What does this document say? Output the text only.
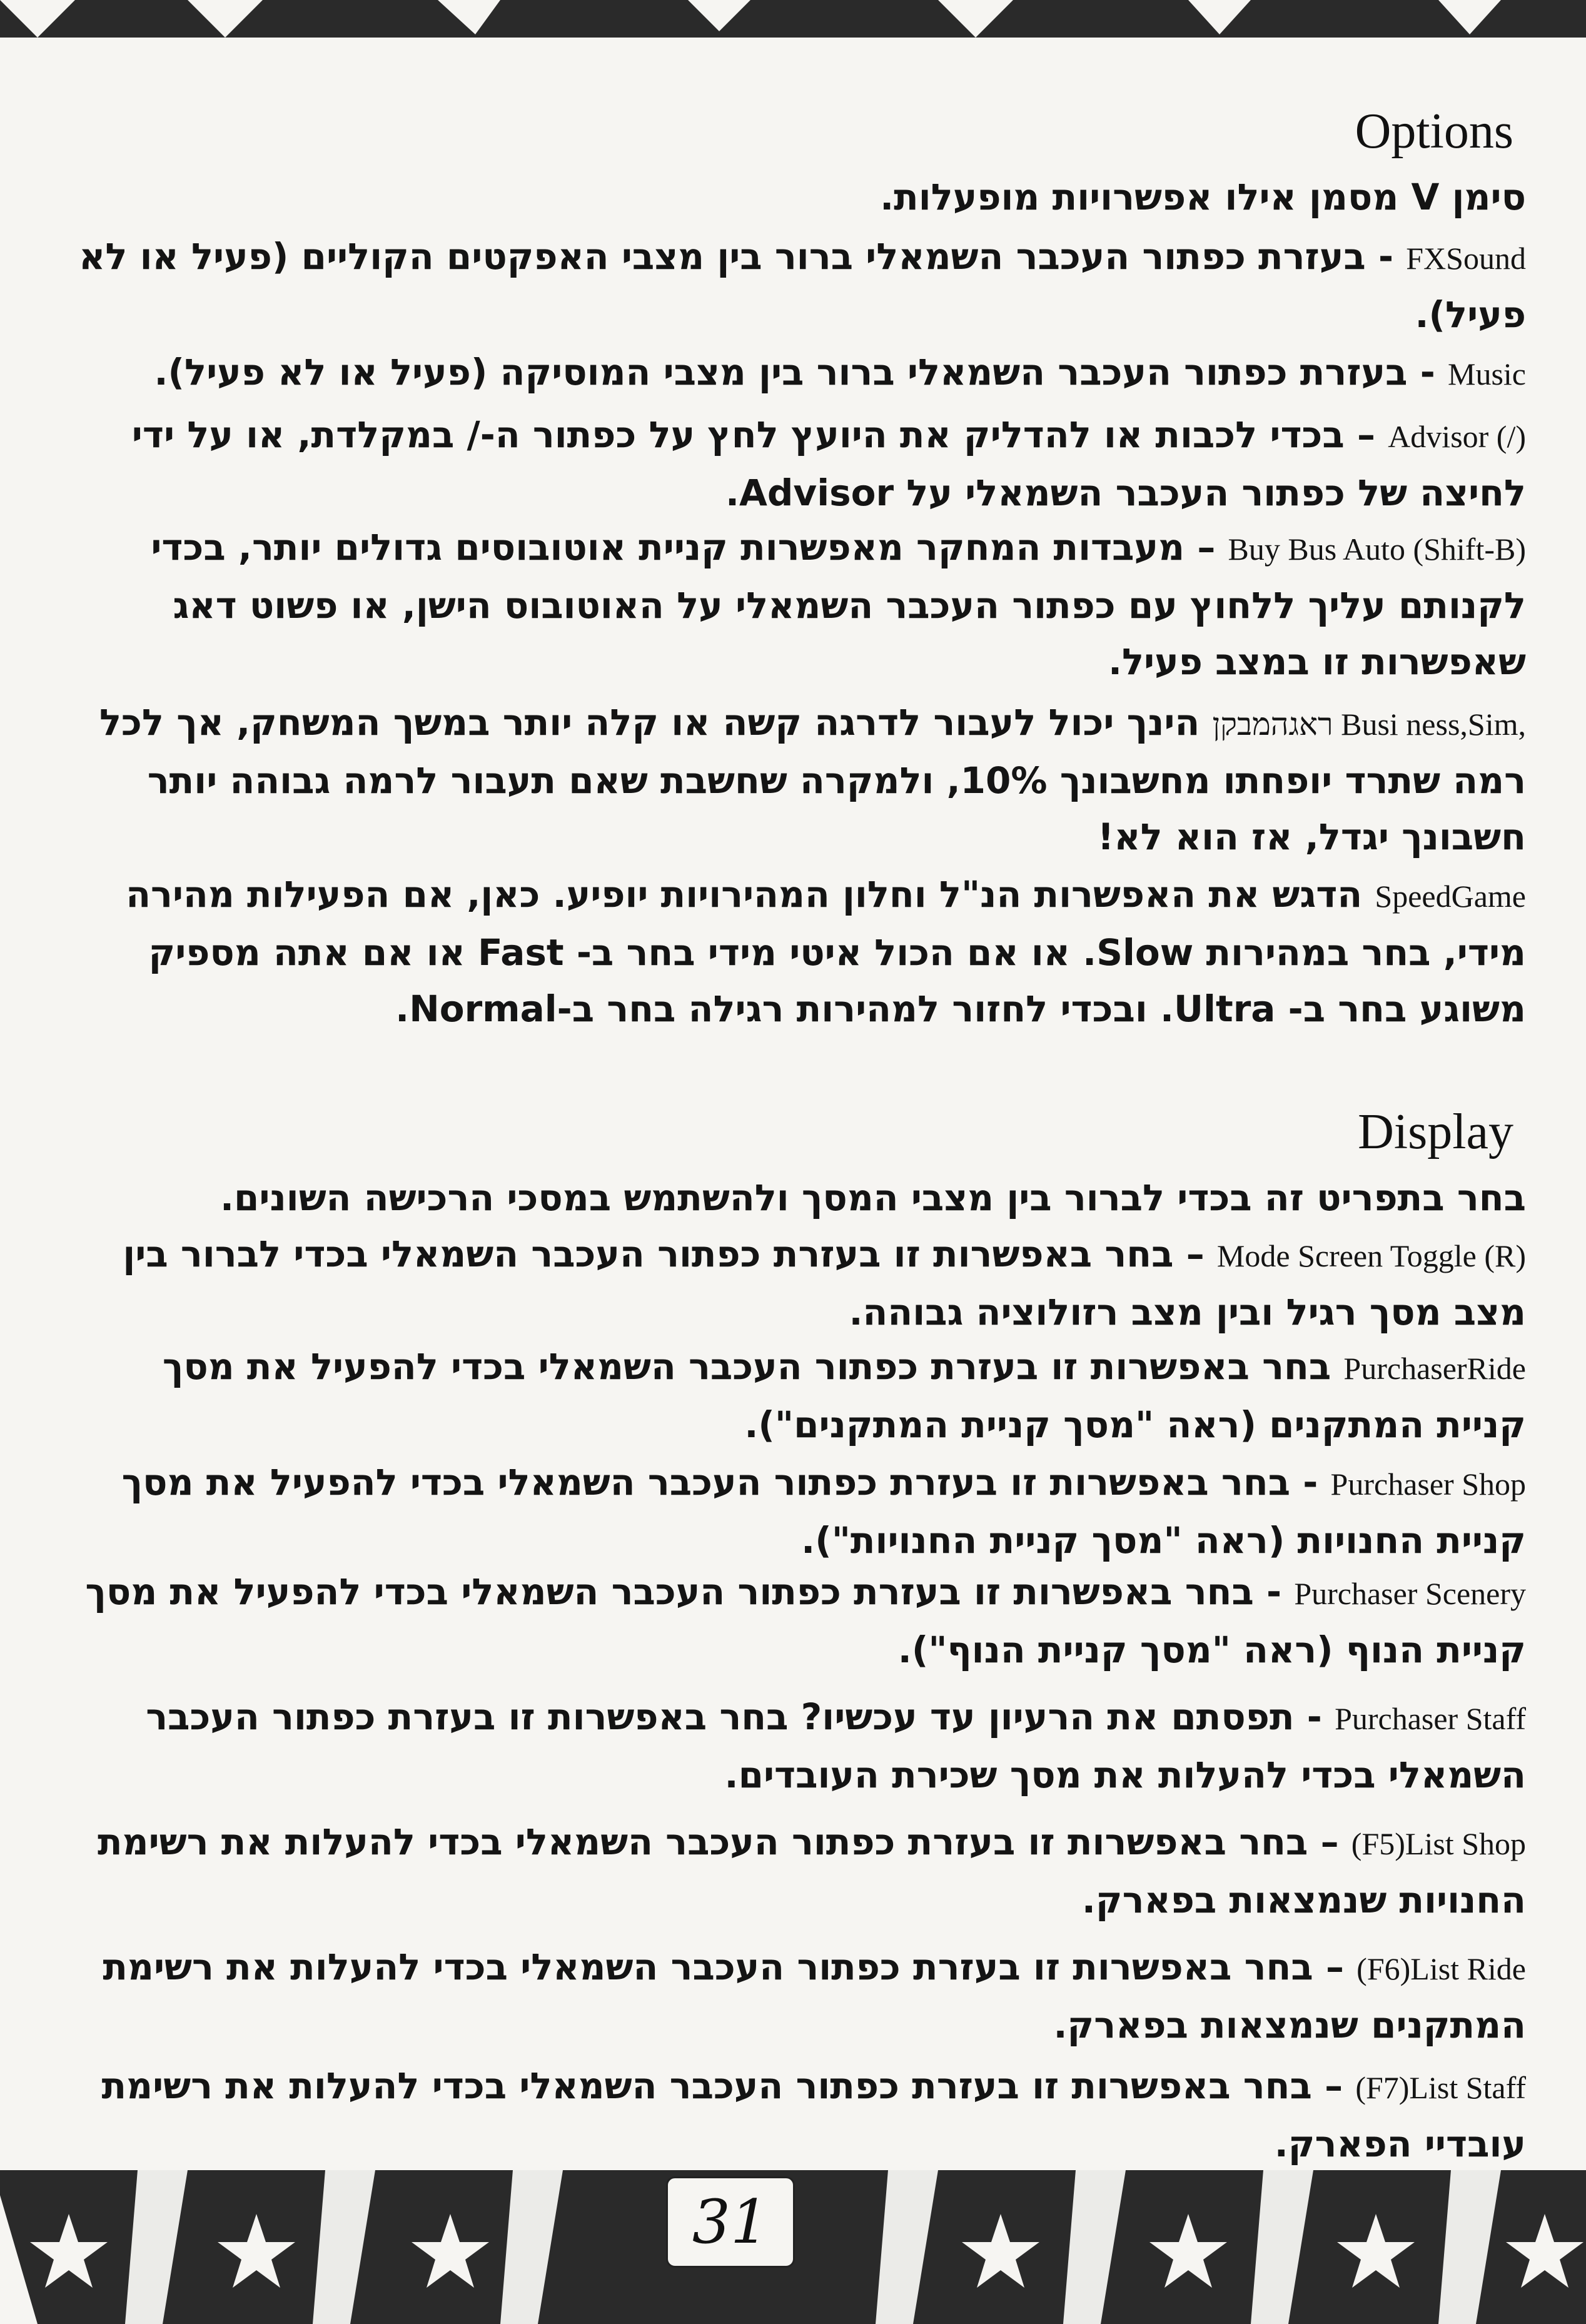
Options
סימן V מסמן אילו אפשרויות מופעלות.
FXSound - בעזרת כפתור העכבר השמאלי ברור בין מצבי האפקטים הקוליים (פעיל או לא פעיל).
Music - בעזרת כפתור העכבר השמאלי ברור בין מצבי המוסיקה (פעיל או לא פעיל).
Advisor (/) – בכדי לכבות או להדליק את היועץ לחץ על כפתור ה-/ במקלדת, או על ידי לחיצה של כפתור העכבר השמאלי על Advisor.
Buy Bus Auto (Shift-B) – מעבדות המחקר מאפשרות קניית אוטובוסים גדולים יותר, בכדי לקנותם עליך ללחוץ עם כפתור העכבר השמאלי על האוטובוס הישן, או פשוט דאג שאפשרות זו במצב פעיל.
ראגהמבקן Busi ness,Sim, הינך יכול לעבור לדרגה קשה או קלה יותר במשך המשחק, אך לכל רמה שתרד יופחתו מחשבונך 10%, ולמקרה שחשבת שאם תעבור לרמה גבוהה יותר חשבונך יגדל, אז הוא לא!
SpeedGame הדגש את האפשרות הנ"ל וחלון המהירויות יופיע. כאן, אם הפעילות מהירה מידי, בחר במהירות Slow. או אם הכול איטי מידי בחר ב- Fast או אם אתה מספיק משוגע בחר ב- Ultra. ובכדי לחזור למהירות רגילה בחר ב-Normal.
Display
בחר בתפריט זה בכדי לברור בין מצבי המסך ולהשתמש במסכי הרכישה השונים.
Mode Screen Toggle (R) – בחר באפשרות זו בעזרת כפתור העכבר השמאלי בכדי לברור בין מצב מסך רגיל ובין מצב רזולוציה גבוהה.
PurchaserRide בחר באפשרות זו בעזרת כפתור העכבר השמאלי בכדי להפעיל את מסך קניית המתקנים (ראה "מסך קניית המתקנים").
Purchaser Shop - בחר באפשרות זו בעזרת כפתור העכבר השמאלי בכדי להפעיל את מסך קניית החנויות (ראה "מסך קניית החנויות").
Purchaser Scenery - בחר באפשרות זו בעזרת כפתור העכבר השמאלי בכדי להפעיל את מסך קניית הנוף (ראה "מסך קניית הנוף").
Purchaser Staff - תפסתם את הרעיון עד עכשיו? בחר באפשרות זו בעזרת כפתור העכבר השמאלי בכדי להעלות את מסך שכירת העובדים.
(F5)List Shop – בחר באפשרות זו בעזרת כפתור העכבר השמאלי בכדי להעלות את רשימת החנויות שנמצאות בפארק.
(F6)List Ride – בחר באפשרות זו בעזרת כפתור העכבר השמאלי בכדי להעלות את רשימת המתקנים שנמצאות בפארק.
(F7)List Staff – בחר באפשרות זו בעזרת כפתור העכבר השמאלי בכדי להעלות את רשימת עובדיי הפארק.
31
